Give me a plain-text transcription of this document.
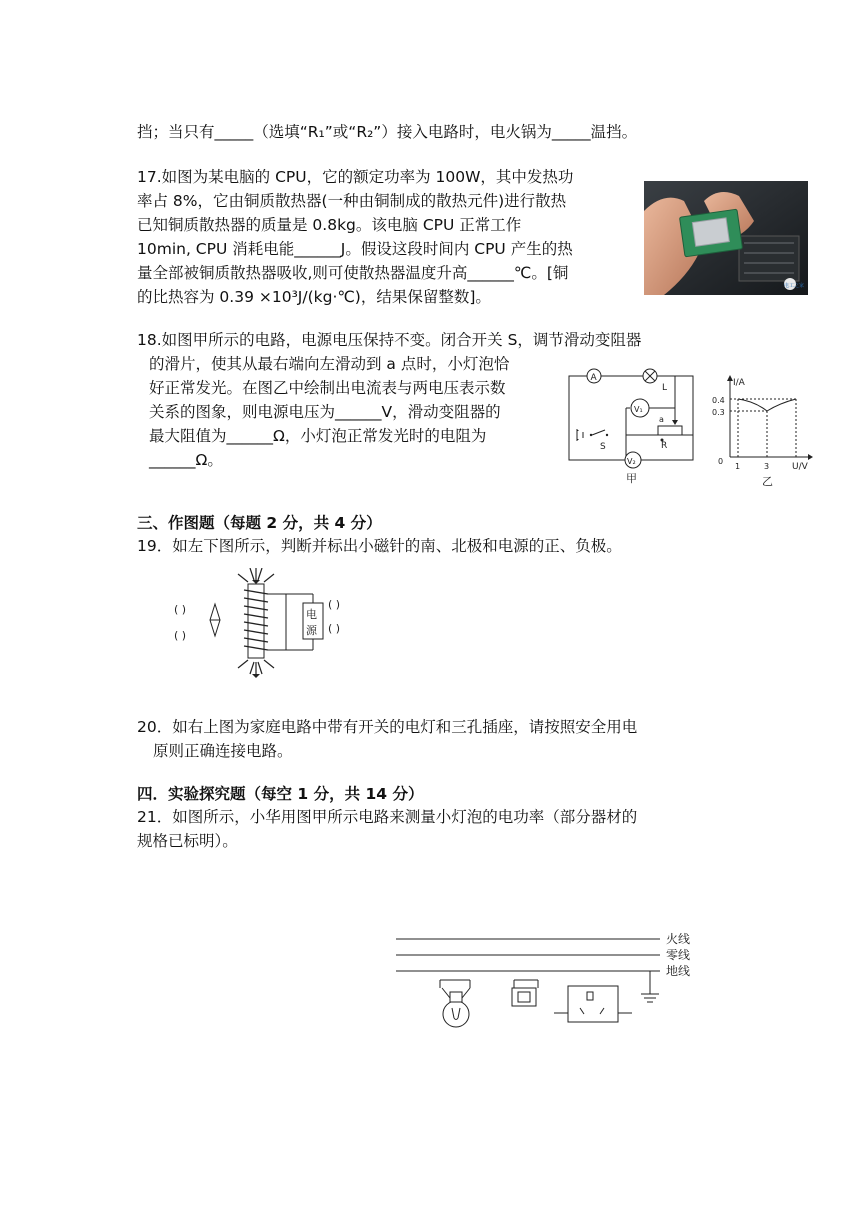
挡；当只有_____（选填“R₁”或“R₂”）接入电路时，电火锅为_____温挡。
17.如图为某电脑的 CPU，它的额定功率为 100W，其中发热功
率占 8%，它由铜质散热器(一种由铜制成的散热元件)进行散热
已知铜质散热器的质量是 0.8kg。该电脑 CPU 正常工作
10min, CPU 消耗电能______J。假设这段时间内 CPU 产生的热
量全部被铜质散热器吸收,则可使散热器温度升高______℃。[铜
的比热容为 0.39 ×10³J/(kg·℃)，结果保留整数]。
电工之家
18.如图甲所示的电路，电源电压保持不变。闭合开关 S，调节滑动变阻器
的滑片，使其从最右端向左滑动到 a 点时，小灯泡恰
好正常发光。在图乙中绘制出电流表与两电压表示数
关系的图象，则电源电压为______V，滑动变阻器的
最大阻值为______Ω，小灯泡正常发光时的电阻为
______Ω。
A
L
V₁
a
R
S
V₂
甲
I/A
U/V
0
0.4
0.3
1	3
乙
三、作图题（每题 2 分，共 4 分）
19．如左下图所示，判断并标出小磁针的南、北极和电源的正、负极。
( )
( )
电
源
( )
( )
20．如右上图为家庭电路中带有开关的电灯和三孔插座，请按照安全用电
原则正确连接电路。
四．实验探究题（每空 1 分，共 14 分）
21．如图所示，小华用图甲所示电路来测量小灯泡的电功率（部分器材的
规格已标明）。
火线
零线
地线
